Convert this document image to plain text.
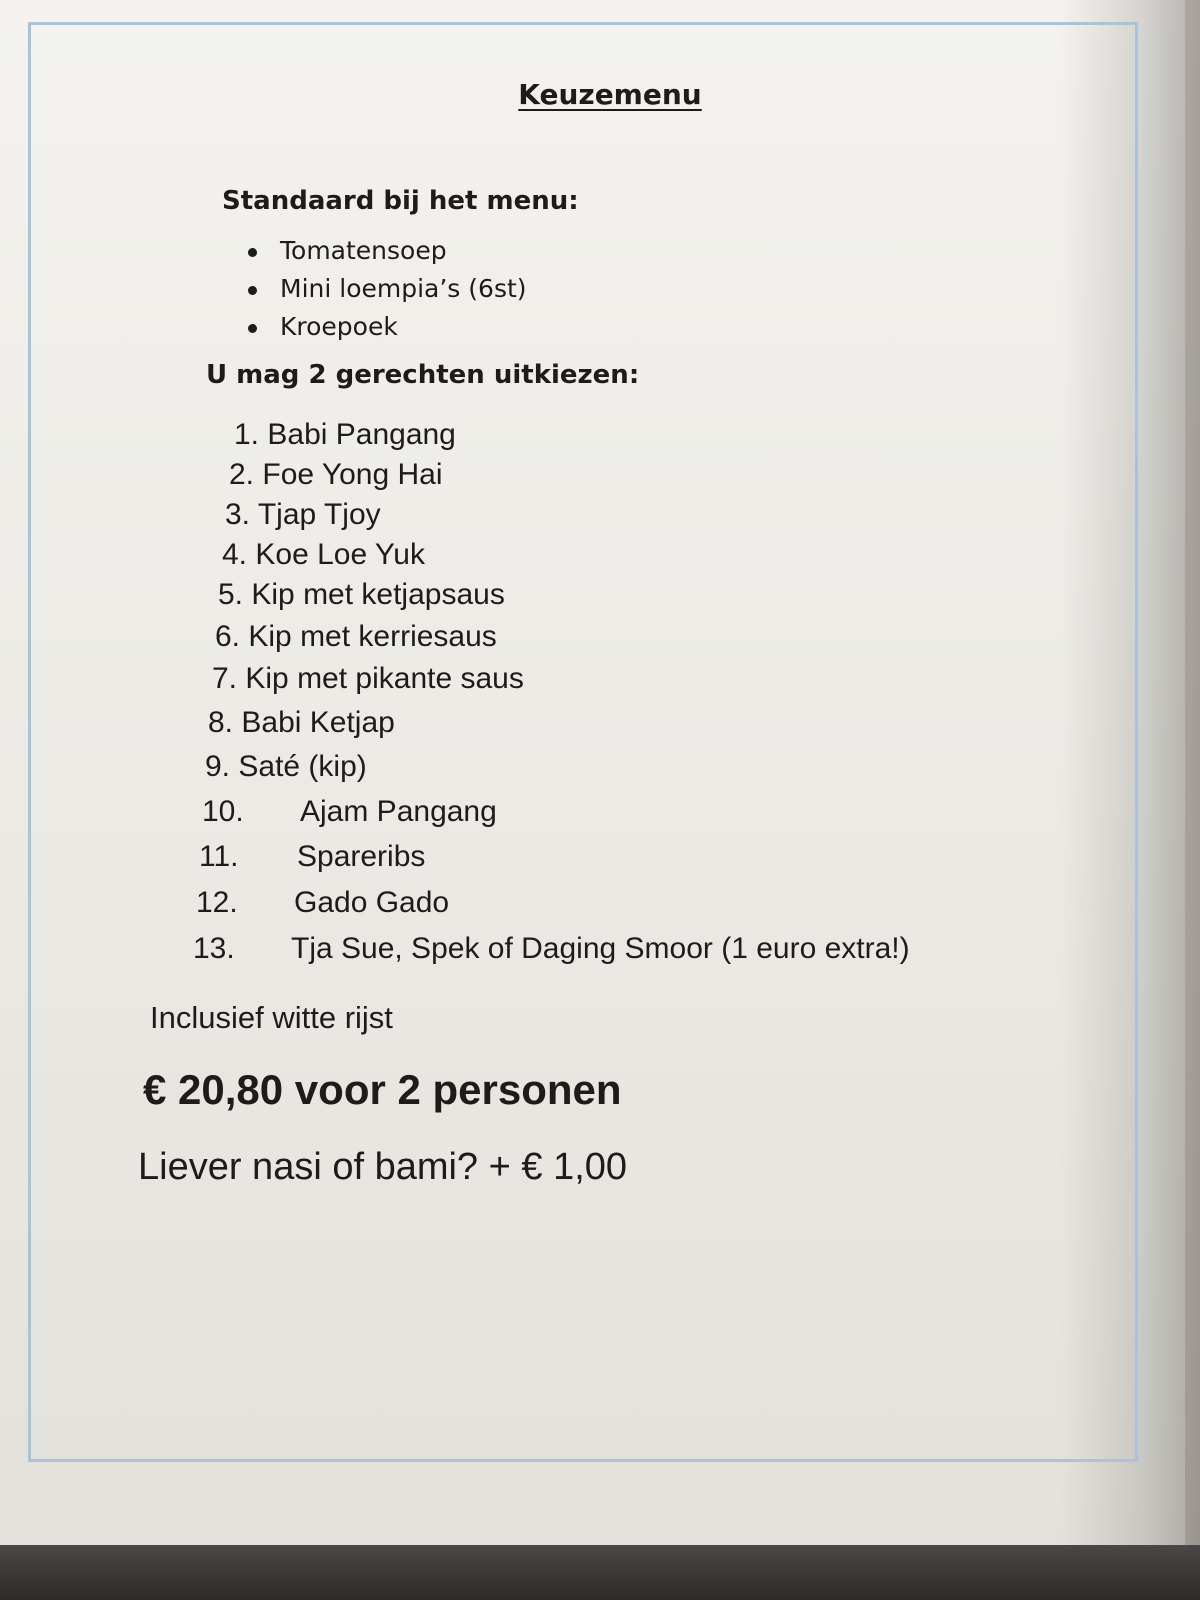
Keuzemenu
Standaard bij het menu:
Tomatensoep
Mini loempia’s (6st)
Kroepoek
U mag 2 gerechten uitkiezen:
1. Babi Pangang
2. Foe Yong Hai
3. Tjap Tjoy
4. Koe Loe Yuk
5. Kip met ketjapsaus
6. Kip met kerriesaus
7. Kip met pikante saus
8. Babi Ketjap
9. Saté (kip)
10. Ajam Pangang
11. Spareribs
12. Gado Gado
13. Tja Sue, Spek of Daging Smoor (1 euro extra!)
Inclusief witte rijst
€ 20,80 voor 2 personen
Liever nasi of bami? + € 1,00
